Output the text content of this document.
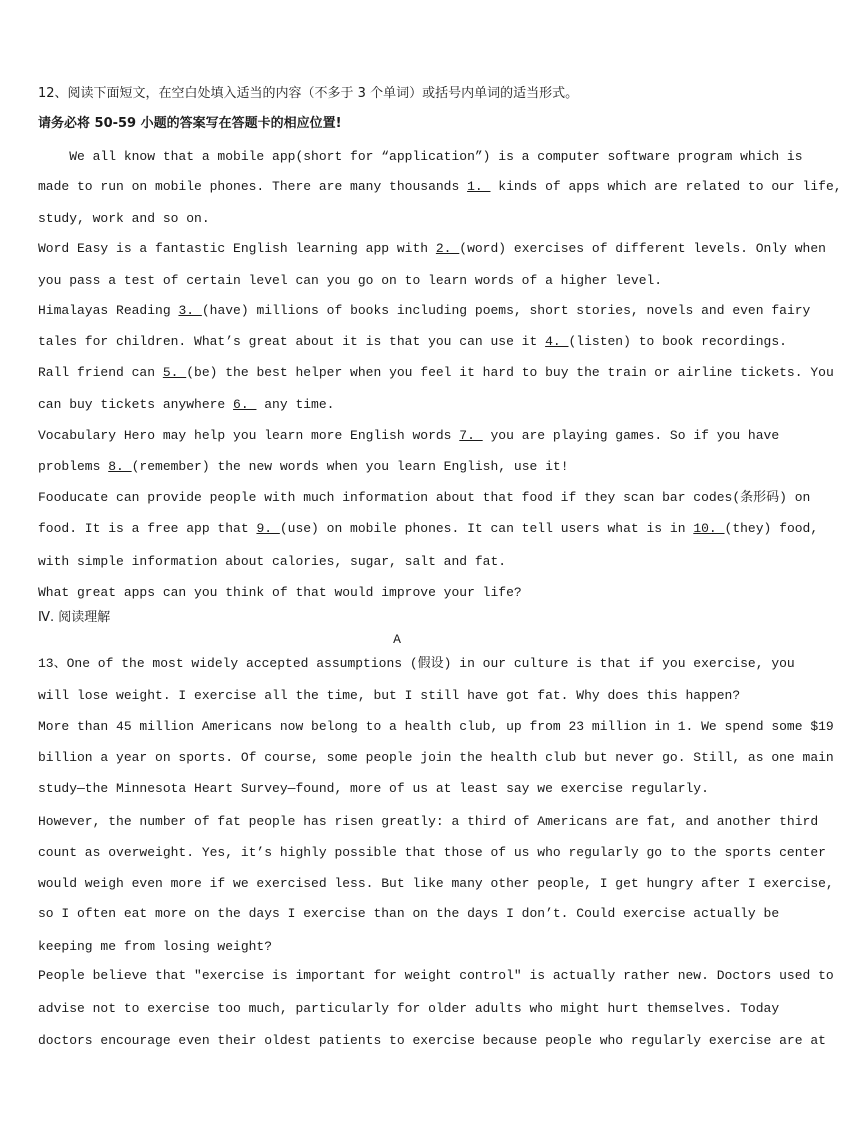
12、阅读下面短文，在空白处填入适当的内容（不多于 3 个单词）或括号内单词的适当形式。
请务必将 50-59 小题的答案写在答题卡的相应位置!
We all know that a mobile app(short for “application”) is a computer software program which is
made to run on mobile phones. There are many thousands 1.  kinds of apps which are related to our life,
study, work and so on.
Word Easy is a fantastic English learning app with 2. (word) exercises of different levels. Only when
you pass a test of certain level can you go on to learn words of a higher level.
Himalayas Reading 3. (have) millions of books including poems, short stories, novels and even fairy
tales for children. What’s great about it is that you can use it 4. (listen) to book recordings.
Rall friend can 5. (be) the best helper when you feel it hard to buy the train or airline tickets. You
can buy tickets anywhere 6.  any time.
Vocabulary Hero may help you learn more English words 7.  you are playing games. So if you have
problems 8. (remember) the new words when you learn English, use it!
Fooducate can provide people with much information about that food if they scan bar codes(条形码) on
food. It is a free app that 9. (use) on mobile phones. It can tell users what is in 10. (they) food,
with simple information about calories, sugar, salt and fat.
What great apps can you think of that would improve your life?
Ⅳ. 阅读理解
A
13、One of the most widely accepted assumptions (假设) in our culture is that if you exercise, you
will lose weight. I exercise all the time, but I still have got fat. Why does this happen?
More than 45 million Americans now belong to a health club, up from 23 million in 1. We spend some $19
billion a year on sports. Of course, some people join the health club but never go. Still, as one main
study—the Minnesota Heart Survey—found, more of us at least say we exercise regularly.
However, the number of fat people has risen greatly: a third of Americans are fat, and another third
count as overweight. Yes, it’s highly possible that those of us who regularly go to the sports center
would weigh even more if we exercised less. But like many other people, I get hungry after I exercise,
so I often eat more on the days I exercise than on the days I don’t. Could exercise actually be
keeping me from losing weight?
People believe that ″exercise is important for weight control″ is actually rather new. Doctors used to
advise not to exercise too much, particularly for older adults who might hurt themselves. Today
doctors encourage even their oldest patients to exercise because people who regularly exercise are at
